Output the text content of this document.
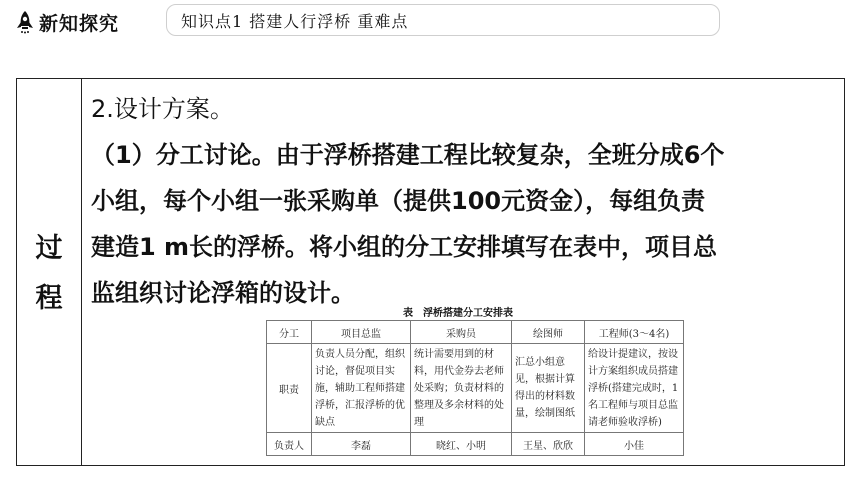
新知探究	知识点1 搭建人行浮桥 重难点
过
程
2.设计方案。
（1）分工讨论。由于浮桥搭建工程比较复杂，全班分成6个
小组，每个小组一张采购单（提供100元资金），每组负责
建造1 m长的浮桥。将小组的分工安排填写在表中，项目总
监组织讨论浮箱的设计。
表　浮桥搭建分工安排表
分工	项目总监	采购员	绘图师	工程师(3～4名)
职责	负责人员分配，组织讨论，督促项目实施，辅助工程师搭建浮桥，汇报浮桥的优缺点	统计需要用到的材料，用代金券去老师处采购；负责材料的整理及多余材料的处理	汇总小组意见，根据计算得出的材料数量，绘制图纸	给设计提建议，按设计方案组织成员搭建浮桥(搭建完成时，1 名工程师与项目总监请老师验收浮桥)
负责人	李磊	晓红、小明	王星、欣欣	小佳
